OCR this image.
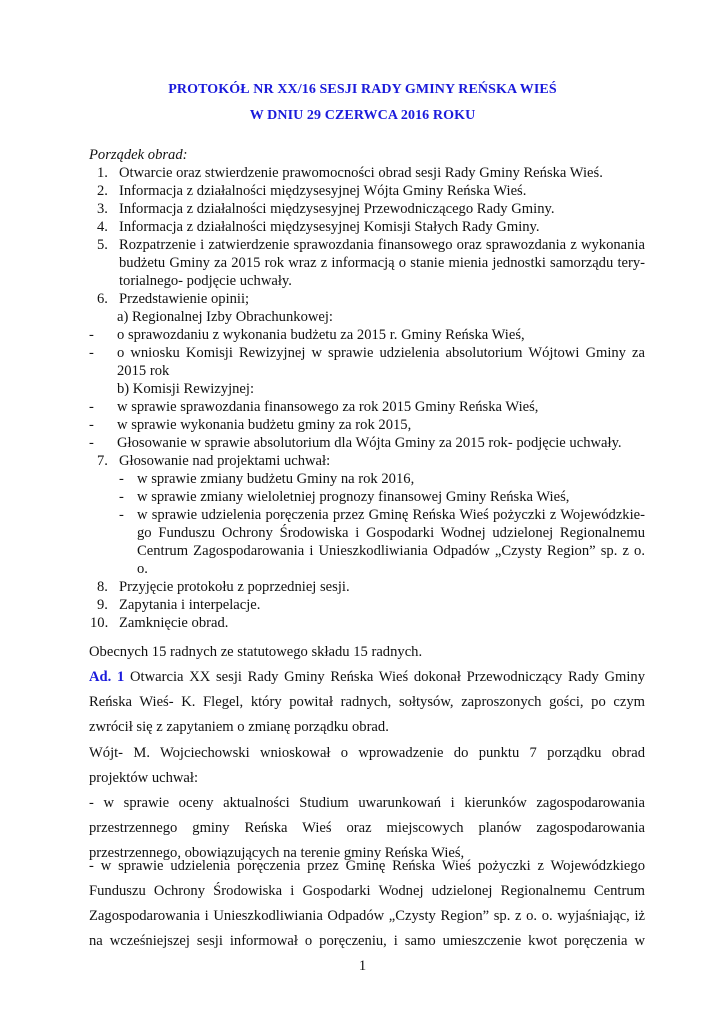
PROTOKÓŁ NR XX/16 SESJI RADY GMINY REŃSKA WIEŚ
W DNIU 29 CZERWCA 2016 ROKU
Porządek obrad:
1. Otwarcie oraz stwierdzenie prawomocności obrad sesji Rady Gminy Reńska Wieś.
2. Informacja z działalności międzysesyjnej Wójta Gminy Reńska Wieś.
3. Informacja z działalności międzysesyjnej Przewodniczącego Rady Gminy.
4. Informacja z działalności międzysesyjnej Komisji Stałych Rady Gminy.
5. Rozpatrzenie i zatwierdzenie sprawozdania finansowego oraz sprawozdania z wykonania
budżetu Gminy za 2015 rok wraz z informacją o stanie mienia jednostki samorządu tery-
torialnego- podjęcie uchwały.
6. Przedstawienie opinii;
a) Regionalnej Izby Obrachunkowej:
- o sprawozdaniu z wykonania budżetu za 2015 r. Gminy Reńska Wieś,
- o wniosku Komisji Rewizyjnej w sprawie udzielenia absolutorium Wójtowi Gminy za
2015 rok
b) Komisji Rewizyjnej:
- w sprawie sprawozdania finansowego za rok 2015 Gminy Reńska Wieś,
- w sprawie wykonania budżetu gminy za rok 2015,
- Głosowanie w sprawie absolutorium dla Wójta Gminy za 2015 rok- podjęcie uchwały.
7. Głosowanie nad projektami uchwał:
- w sprawie zmiany budżetu Gminy na rok 2016,
- w sprawie zmiany wieloletniej prognozy finansowej Gminy Reńska Wieś,
- w sprawie udzielenia poręczenia przez Gminę Reńska Wieś pożyczki z Wojewódzkie-
go Funduszu Ochrony Środowiska i Gospodarki Wodnej udzielonej Regionalnemu
Centrum Zagospodarowania i Unieszkodliwiania Odpadów „Czysty Region” sp. z o.
o.
8. Przyjęcie protokołu z poprzedniej sesji.
9. Zapytania i interpelacje.
10. Zamknięcie obrad.
Obecnych 15 radnych ze statutowego składu 15 radnych.
Ad. 1 Otwarcia XX sesji Rady Gminy Reńska Wieś dokonał Przewodniczący Rady Gminy
Reńska Wieś- K. Flegel, który powitał radnych, sołtysów, zaproszonych gości, po czym
zwrócił się z zapytaniem o zmianę porządku obrad.
Wójt- M. Wojciechowski wnioskował o wprowadzenie do punktu 7 porządku obrad
projektów uchwał:
- w sprawie oceny aktualności Studium uwarunkowań i kierunków zagospodarowania
przestrzennego gminy Reńska Wieś oraz miejscowych planów zagospodarowania
przestrzennego, obowiązujących na terenie gminy Reńska Wieś,
- w sprawie udzielenia poręczenia przez Gminę Reńska Wieś pożyczki z Wojewódzkiego
Funduszu Ochrony Środowiska i Gospodarki Wodnej udzielonej Regionalnemu Centrum
Zagospodarowania i Unieszkodliwiania Odpadów „Czysty Region” sp. z o. o. wyjaśniając, iż
1
na wcześniejszej sesji informował o poręczeniu, i samo umieszczenie kwot poręczenia w
